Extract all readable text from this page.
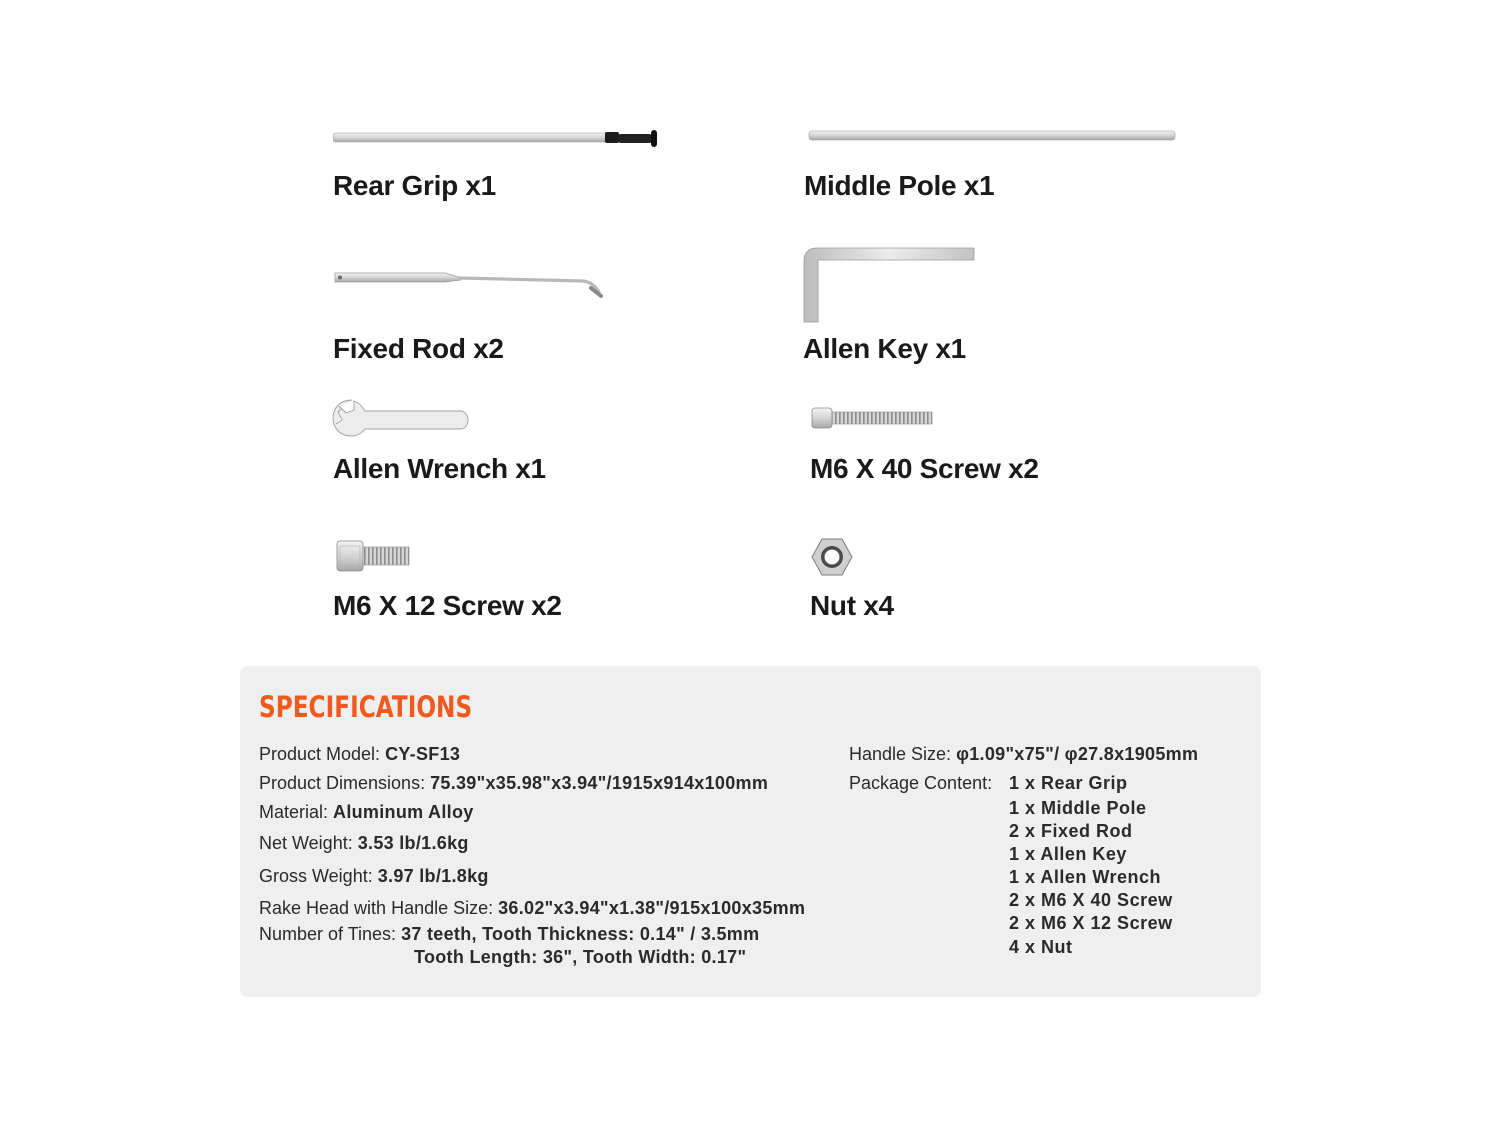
Rear Grip x1	Middle Pole x1
Fixed Rod x2	Allen Key x1
Allen Wrench x1	M6 X 40 Screw x2
M6 X 12 Screw x2	Nut x4
SPECIFICATIONS
Product Model: CY-SF13
Product Dimensions: 75.39"x35.98"x3.94"/1915x914x100mm
Material: Aluminum Alloy
Net Weight: 3.53 lb/1.6kg
Gross Weight: 3.97 lb/1.8kg
Rake Head with Handle Size: 36.02"x3.94"x1.38"/915x100x35mm
Number of Tines: 37 teeth, Tooth Thickness: 0.14" / 3.5mm
Tooth Length: 36", Tooth Width: 0.17"
Handle Size: φ1.09"x75"/ φ27.8x1905mm
Package Content: 1 x Rear Grip
1 x Middle Pole
2 x Fixed Rod
1 x Allen Key
1 x Allen Wrench
2 x M6 X 40 Screw
2 x M6 X 12 Screw
4 x Nut
